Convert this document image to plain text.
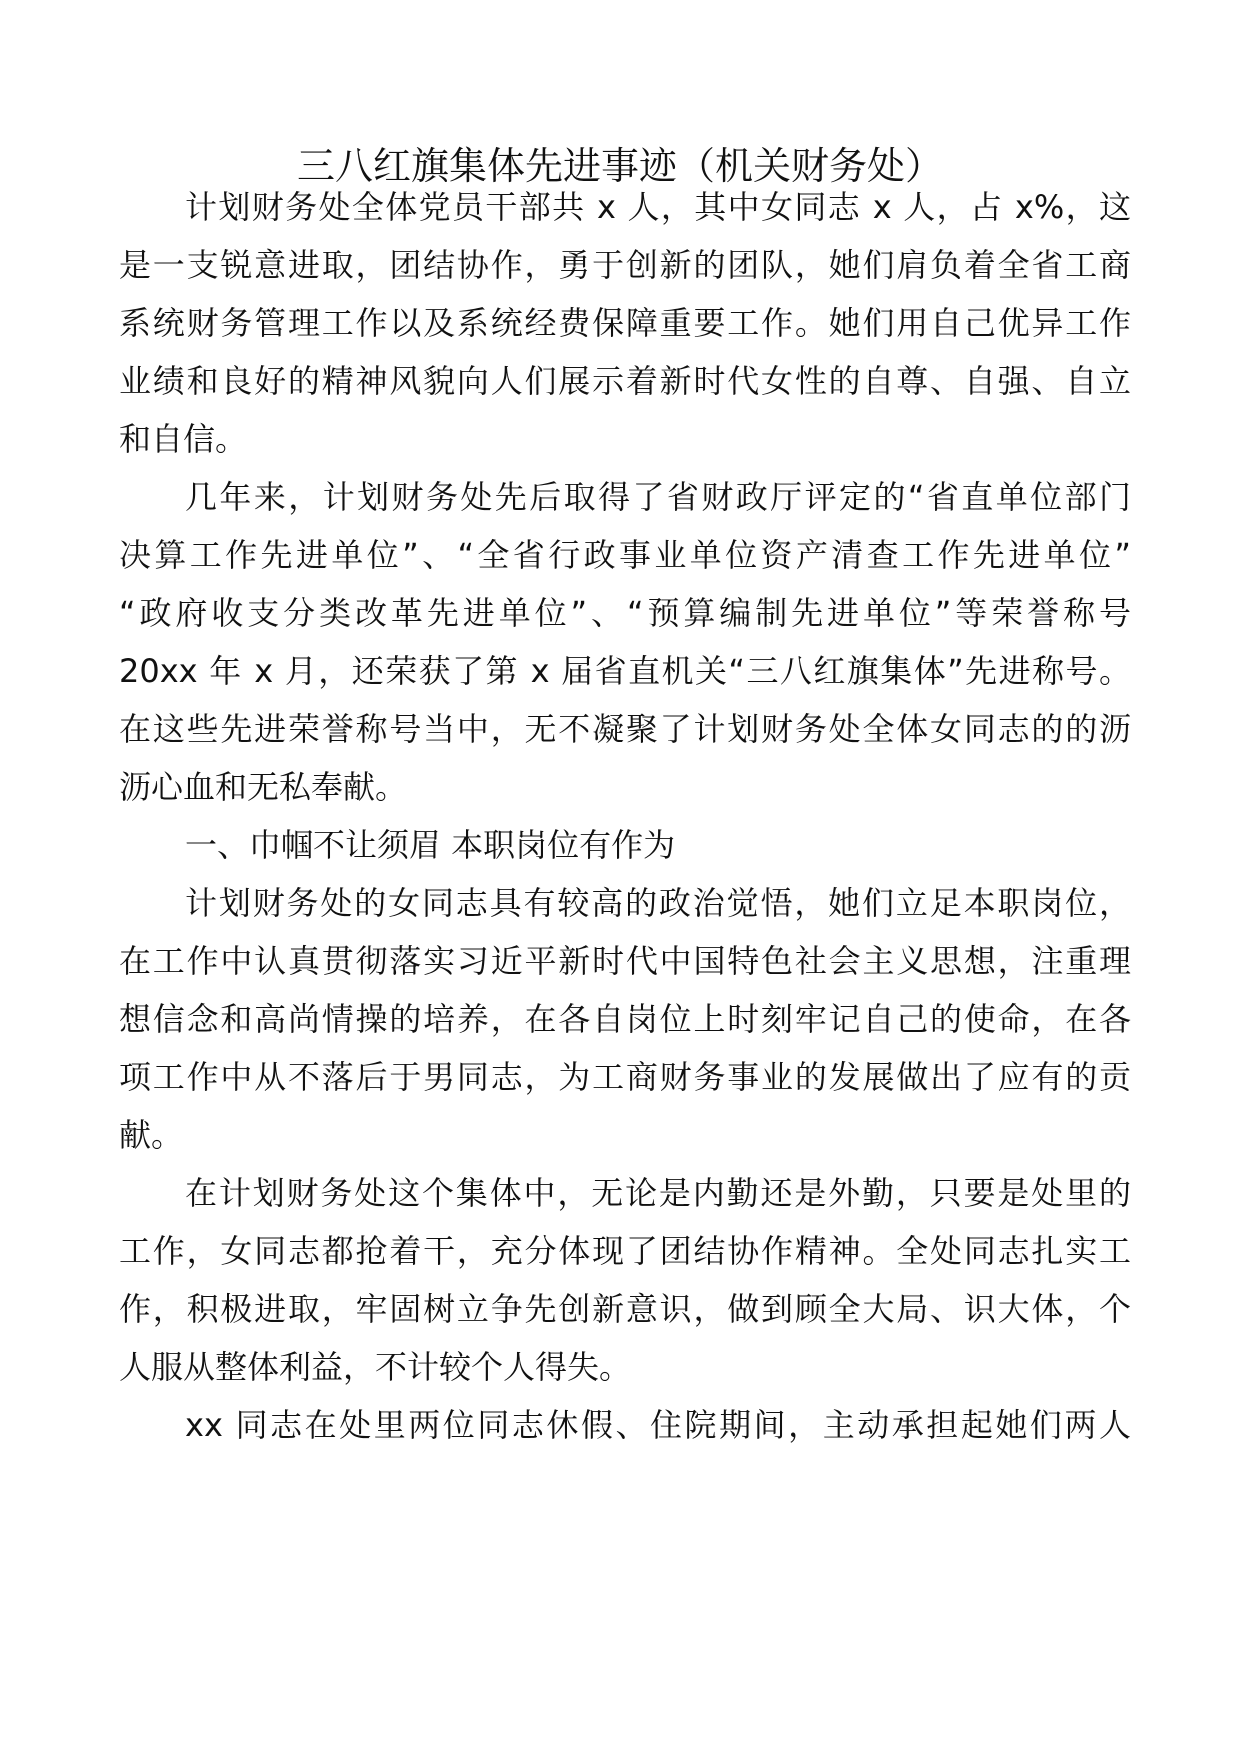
三八红旗集体先进事迹（机关财务处）
计划财务处全体党员干部共 x 人，其中女同志 x 人，占 x%，这
是一支锐意进取，团结协作，勇于创新的团队，她们肩负着全省工商
系统财务管理工作以及系统经费保障重要工作。她们用自己优异工作
业绩和良好的精神风貌向人们展示着新时代女性的自尊、自强、自立
和自信。
几年来，计划财务处先后取得了省财政厅评定的“省直单位部门
决算工作先进单位”、“全省行政事业单位资产清查工作先进单位”
“政府收支分类改革先进单位”、“预算编制先进单位”等荣誉称号
20xx 年 x 月，还荣获了第 x 届省直机关“三八红旗集体”先进称号。
在这些先进荣誉称号当中，无不凝聚了计划财务处全体女同志的的沥
沥心血和无私奉献。
一、巾帼不让须眉 本职岗位有作为
计划财务处的女同志具有较高的政治觉悟，她们立足本职岗位，
在工作中认真贯彻落实习近平新时代中国特色社会主义思想，注重理
想信念和高尚情操的培养，在各自岗位上时刻牢记自己的使命，在各
项工作中从不落后于男同志，为工商财务事业的发展做出了应有的贡
献。
在计划财务处这个集体中，无论是内勤还是外勤，只要是处里的
工作，女同志都抢着干，充分体现了团结协作精神。全处同志扎实工
作，积极进取，牢固树立争先创新意识，做到顾全大局、识大体，个
人服从整体利益，不计较个人得失。
xx 同志在处里两位同志休假、住院期间，主动承担起她们两人
